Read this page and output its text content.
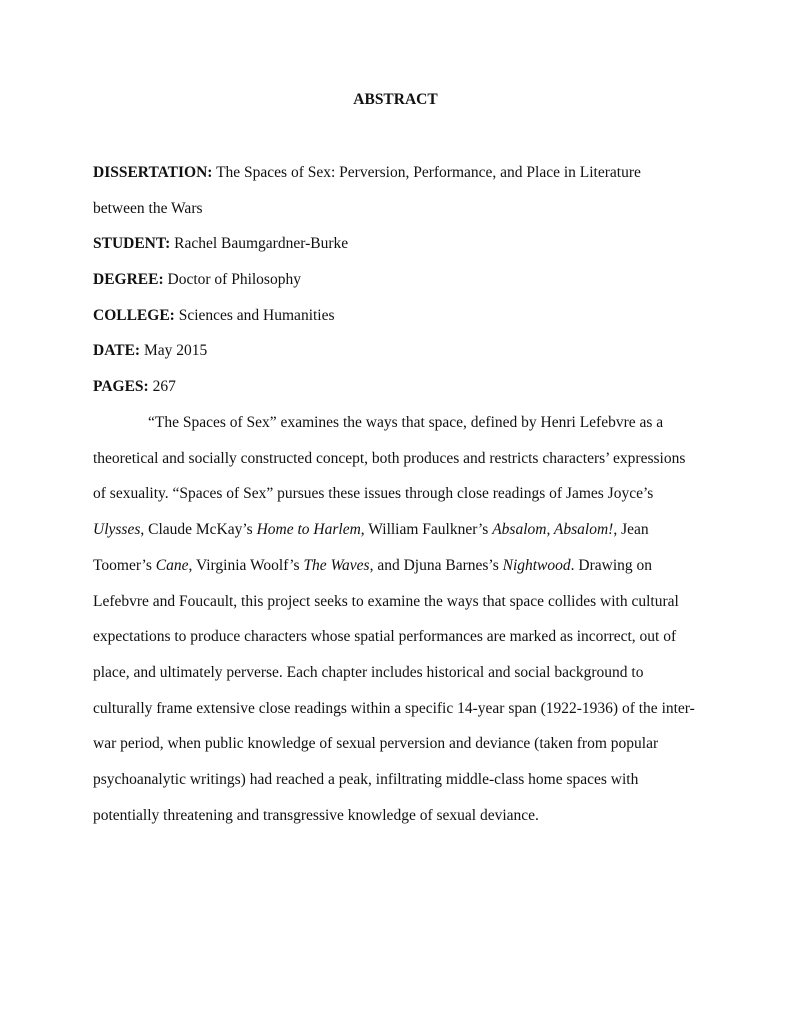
ABSTRACT
DISSERTATION: The Spaces of Sex: Perversion, Performance, and Place in Literature
between the Wars
STUDENT: Rachel Baumgardner-Burke
DEGREE: Doctor of Philosophy
COLLEGE: Sciences and Humanities
DATE: May 2015
PAGES: 267
“The Spaces of Sex” examines the ways that space, defined by Henri Lefebvre as a
theoretical and socially constructed concept, both produces and restricts characters’ expressions
of sexuality. “Spaces of Sex” pursues these issues through close readings of James Joyce’s
Ulysses, Claude McKay’s Home to Harlem, William Faulkner’s Absalom, Absalom!, Jean
Toomer’s Cane, Virginia Woolf’s The Waves, and Djuna Barnes’s Nightwood. Drawing on
Lefebvre and Foucault, this project seeks to examine the ways that space collides with cultural
expectations to produce characters whose spatial performances are marked as incorrect, out of
place, and ultimately perverse. Each chapter includes historical and social background to
culturally frame extensive close readings within a specific 14-year span (1922-1936) of the inter-
war period, when public knowledge of sexual perversion and deviance (taken from popular
psychoanalytic writings) had reached a peak, infiltrating middle-class home spaces with
potentially threatening and transgressive knowledge of sexual deviance.
